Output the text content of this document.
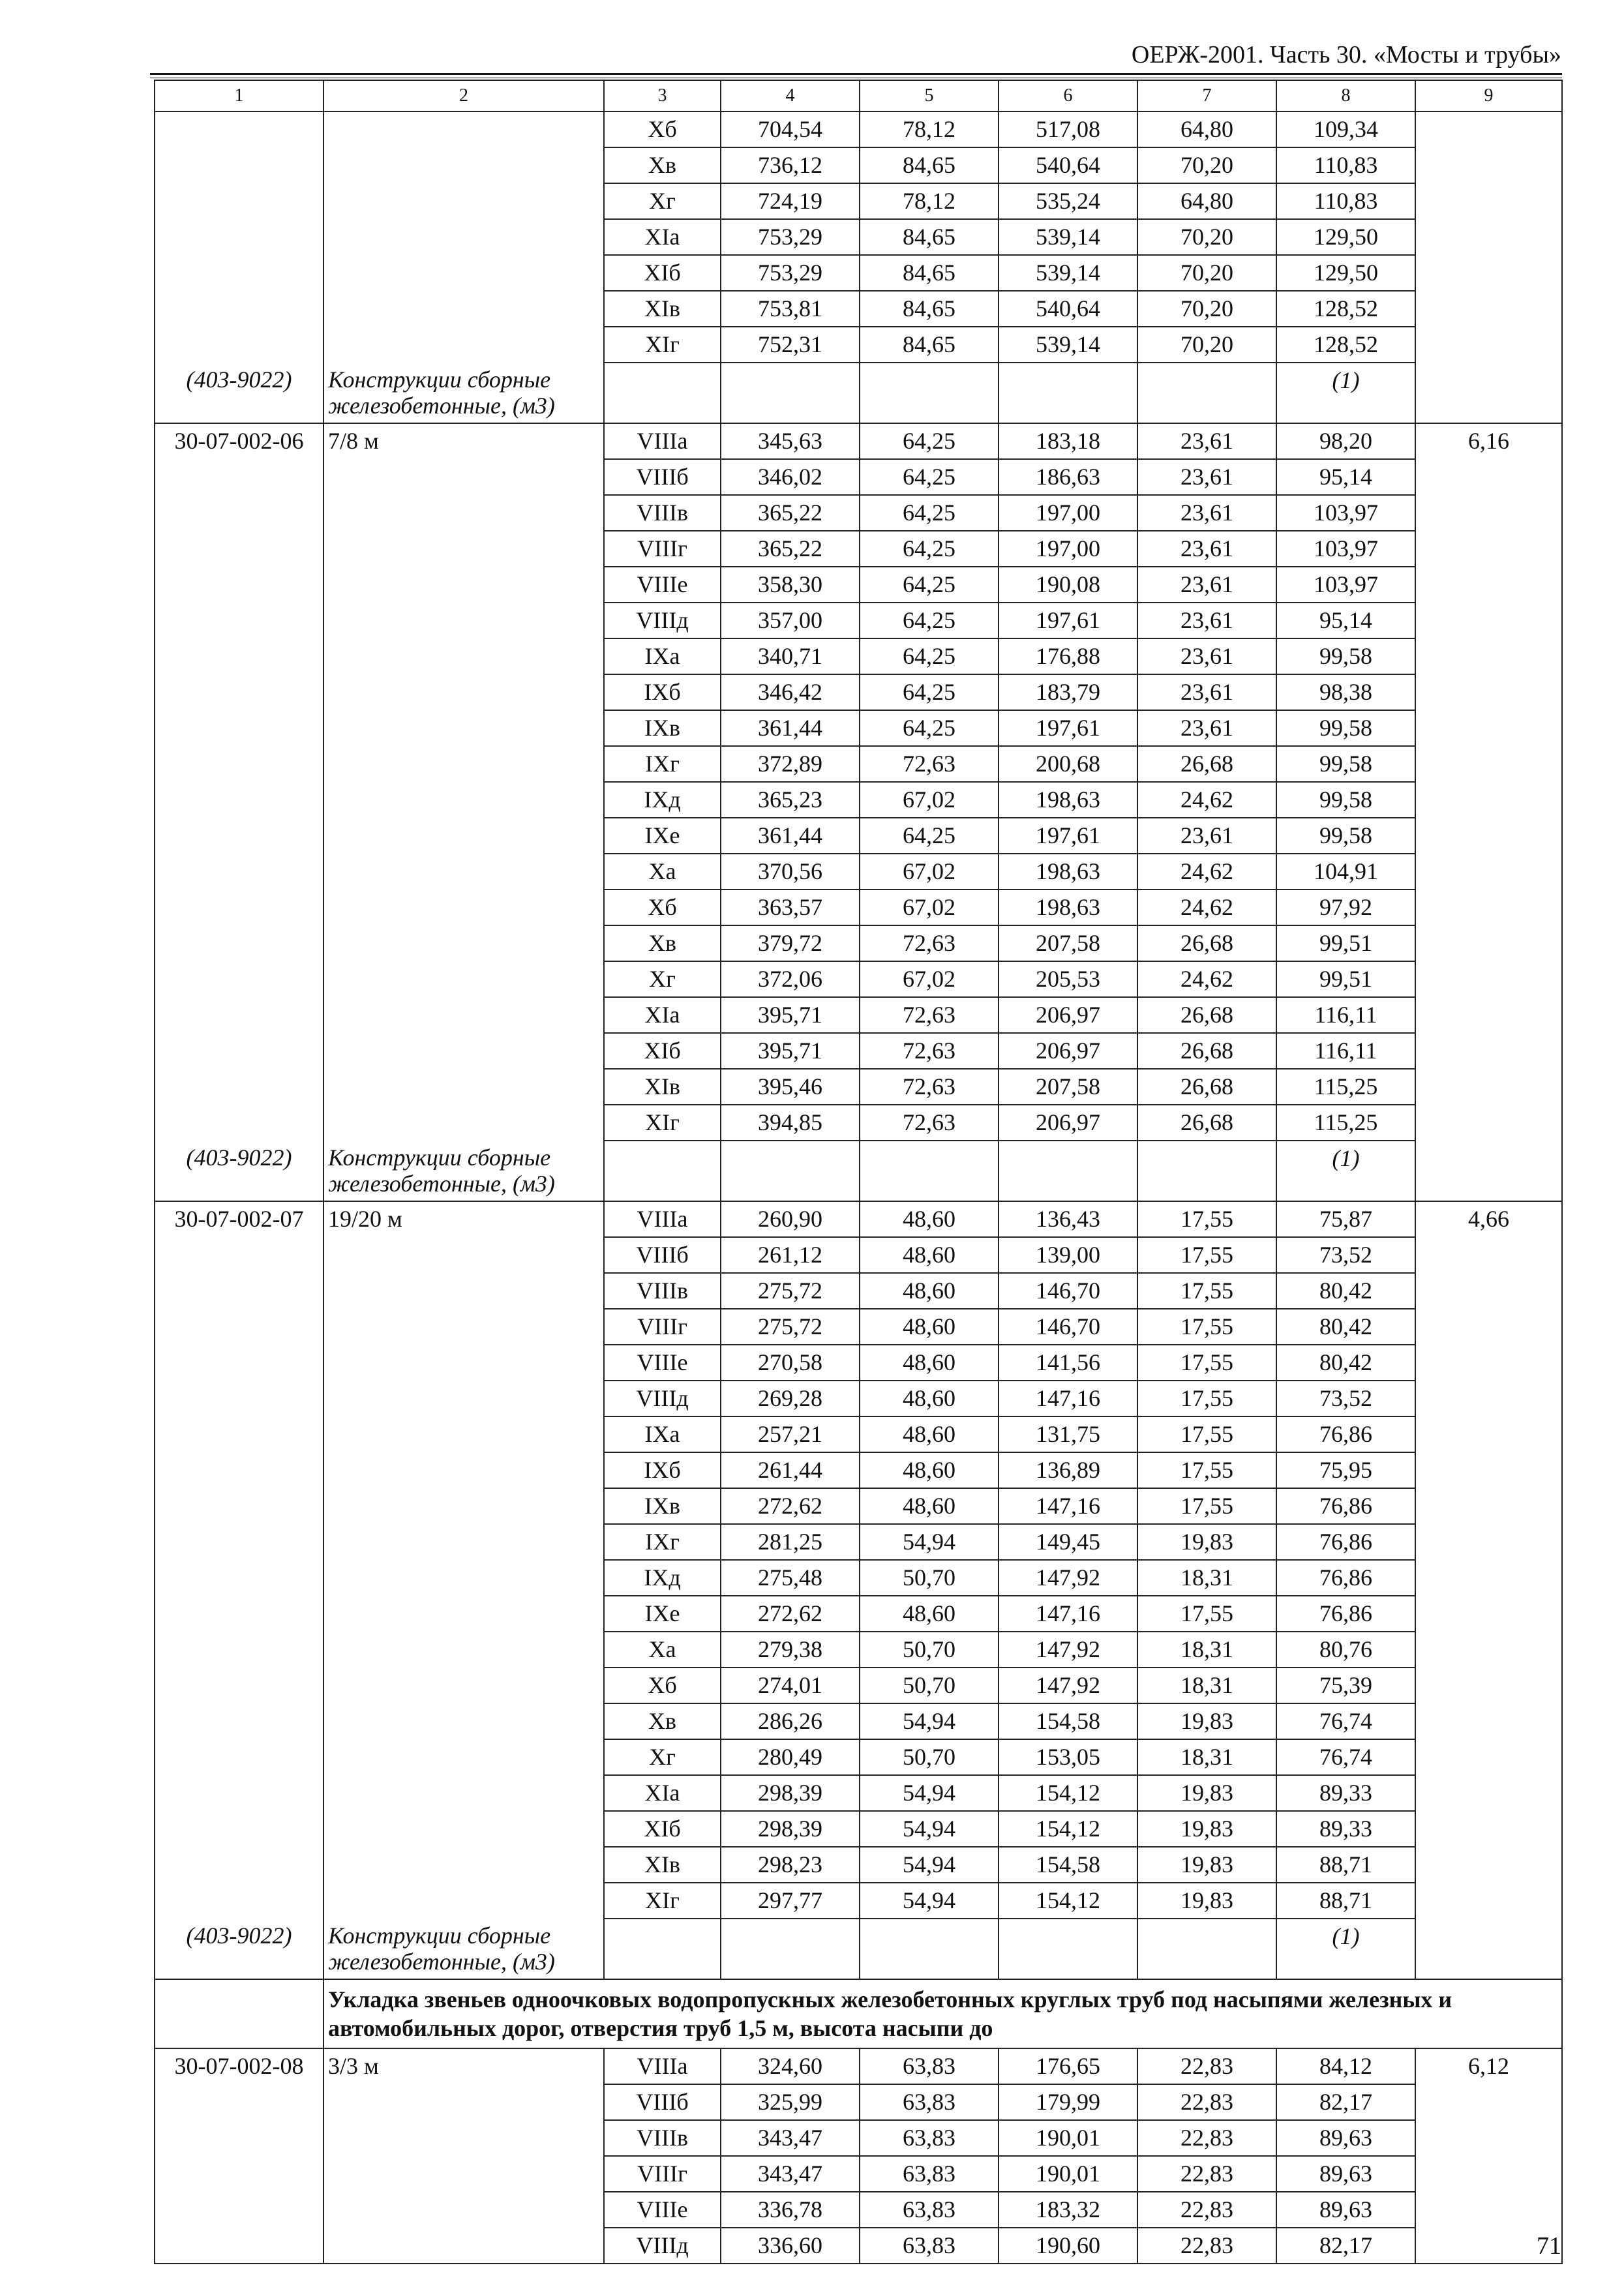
ОЕРЖ-2001. Часть 30. «Мосты и трубы»
1	2	3	4	5	6	7	8	9
		Xб	704,54	78,12	517,08	64,80	109,34	
		Xв	736,12	84,65	540,64	70,20	110,83	
		Xг	724,19	78,12	535,24	64,80	110,83	
		XIа	753,29	84,65	539,14	70,20	129,50	
		XIб	753,29	84,65	539,14	70,20	129,50	
		XIв	753,81	84,65	540,64	70,20	128,52	
		XIг	752,31	84,65	539,14	70,20	128,52	
(403-9022)	Конструкции сборные железобетонные, (м3)						(1)	
30-07-002-06	7/8 м	VIIIа	345,63	64,25	183,18	23,61	98,20	6,16
		VIIIб	346,02	64,25	186,63	23,61	95,14	
		VIIIв	365,22	64,25	197,00	23,61	103,97	
		VIIIг	365,22	64,25	197,00	23,61	103,97	
		VIIIе	358,30	64,25	190,08	23,61	103,97	
		VIIIд	357,00	64,25	197,61	23,61	95,14	
		IXа	340,71	64,25	176,88	23,61	99,58	
		IXб	346,42	64,25	183,79	23,61	98,38	
		IXв	361,44	64,25	197,61	23,61	99,58	
		IXг	372,89	72,63	200,68	26,68	99,58	
		IXд	365,23	67,02	198,63	24,62	99,58	
		IXе	361,44	64,25	197,61	23,61	99,58	
		Xа	370,56	67,02	198,63	24,62	104,91	
		Xб	363,57	67,02	198,63	24,62	97,92	
		Xв	379,72	72,63	207,58	26,68	99,51	
		Xг	372,06	67,02	205,53	24,62	99,51	
		XIа	395,71	72,63	206,97	26,68	116,11	
		XIб	395,71	72,63	206,97	26,68	116,11	
		XIв	395,46	72,63	207,58	26,68	115,25	
		XIг	394,85	72,63	206,97	26,68	115,25	
(403-9022)	Конструкции сборные железобетонные, (м3)						(1)	
30-07-002-07	19/20 м	VIIIа	260,90	48,60	136,43	17,55	75,87	4,66
		VIIIб	261,12	48,60	139,00	17,55	73,52	
		VIIIв	275,72	48,60	146,70	17,55	80,42	
		VIIIг	275,72	48,60	146,70	17,55	80,42	
		VIIIе	270,58	48,60	141,56	17,55	80,42	
		VIIIд	269,28	48,60	147,16	17,55	73,52	
		IXа	257,21	48,60	131,75	17,55	76,86	
		IXб	261,44	48,60	136,89	17,55	75,95	
		IXв	272,62	48,60	147,16	17,55	76,86	
		IXг	281,25	54,94	149,45	19,83	76,86	
		IXд	275,48	50,70	147,92	18,31	76,86	
		IXе	272,62	48,60	147,16	17,55	76,86	
		Xа	279,38	50,70	147,92	18,31	80,76	
		Xб	274,01	50,70	147,92	18,31	75,39	
		Xв	286,26	54,94	154,58	19,83	76,74	
		Xг	280,49	50,70	153,05	18,31	76,74	
		XIа	298,39	54,94	154,12	19,83	89,33	
		XIб	298,39	54,94	154,12	19,83	89,33	
		XIв	298,23	54,94	154,58	19,83	88,71	
		XIг	297,77	54,94	154,12	19,83	88,71	
(403-9022)	Конструкции сборные железобетонные, (м3)						(1)	
	Укладка звеньев одноочковых водопропускных железобетонных круглых труб под насыпями железных и автомобильных дорог, отверстия труб 1,5 м, высота насыпи до							
30-07-002-08	3/3 м	VIIIа	324,60	63,83	176,65	22,83	84,12	6,12
		VIIIб	325,99	63,83	179,99	22,83	82,17	
		VIIIв	343,47	63,83	190,01	22,83	89,63	
		VIIIг	343,47	63,83	190,01	22,83	89,63	
		VIIIе	336,78	63,83	183,32	22,83	89,63	
		VIIIд	336,60	63,83	190,60	22,83	82,17		71
